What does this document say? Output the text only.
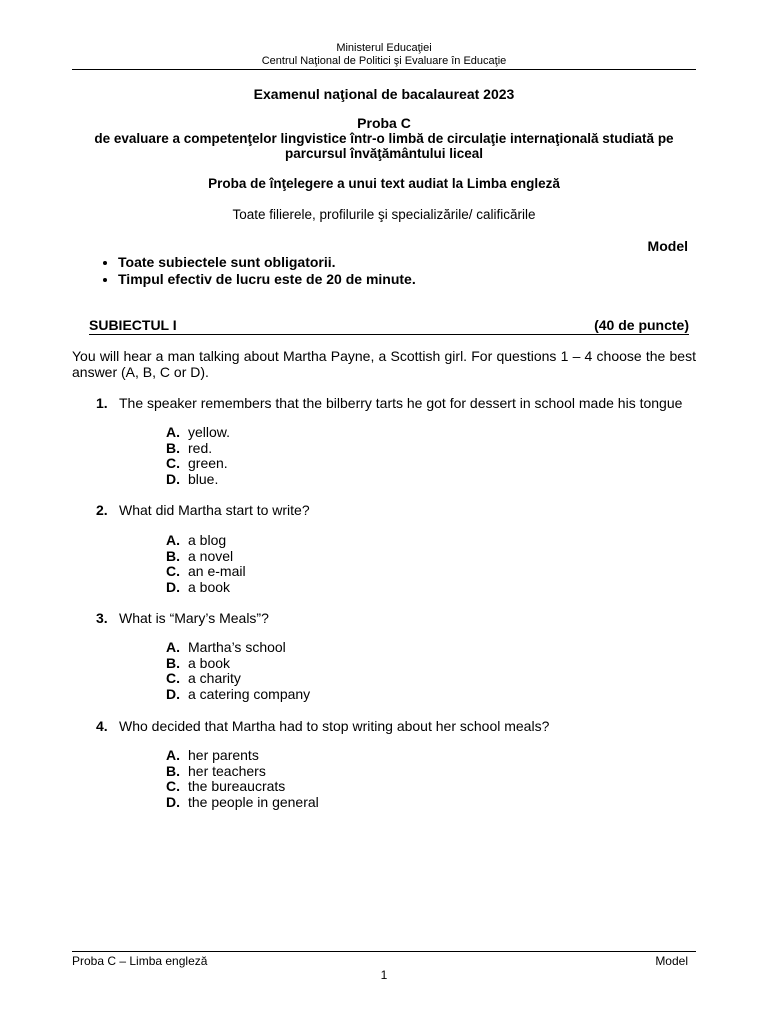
Ministerul Educaţiei
Centrul Naţional de Politici şi Evaluare în Educaţie
Examenul naţional de bacalaureat 2023
Proba C
de evaluare a competenţelor lingvistice într-o limbă de circulaţie internaţională studiată pe parcursul învăţământului liceal
Proba de înţelegere a unui text audiat la Limba engleză
Toate filierele, profilurile şi specializările/ calificările
Model
• Toate subiectele sunt obligatorii.
• Timpul efectiv de lucru este de 20 de minute.
SUBIECTUL I	(40 de puncte)
You will hear a man talking about Martha Payne, a Scottish girl. For questions 1 – 4 choose the best answer (A, B, C or D).
1. The speaker remembers that the bilberry tarts he got for dessert in school made his tongue
A. yellow.
B. red.
C. green.
D. blue.
2. What did Martha start to write?
A. a blog
B. a novel
C. an e-mail
D. a book
3. What is “Mary’s Meals”?
A. Martha’s school
B. a book
C. a charity
D. a catering company
4. Who decided that Martha had to stop writing about her school meals?
A. her parents
B. her teachers
C. the bureaucrats
D. the people in general
Proba C – Limba engleză	Model
1
